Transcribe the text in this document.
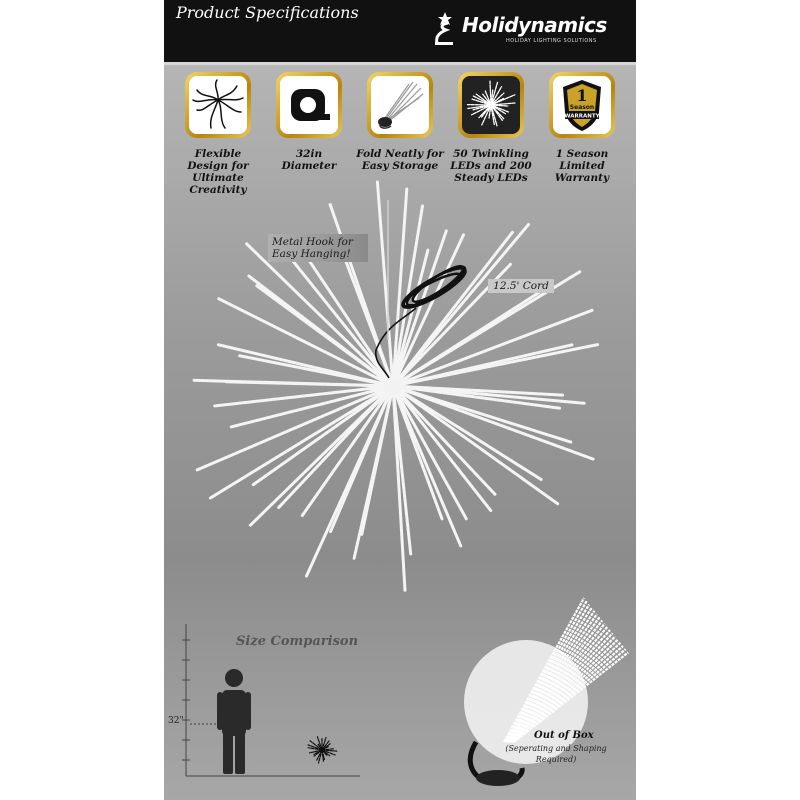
Product Specifications
Holidynamics
HOLIDAY LIGHTING SOLUTIONS
Flexible
Design for
Ultimate
Creativity
32in
Diameter
Fold Neatly for
Easy Storage
50 Twinkling
LEDs and 200
Steady LEDs
1
Season
WARRANTY
1 Season
Limited
Warranty
Metal Hook for Easy Hanging!
12.5' Cord
Size Comparison
32"
Out of Box
(Seperating and Shaping Required)
